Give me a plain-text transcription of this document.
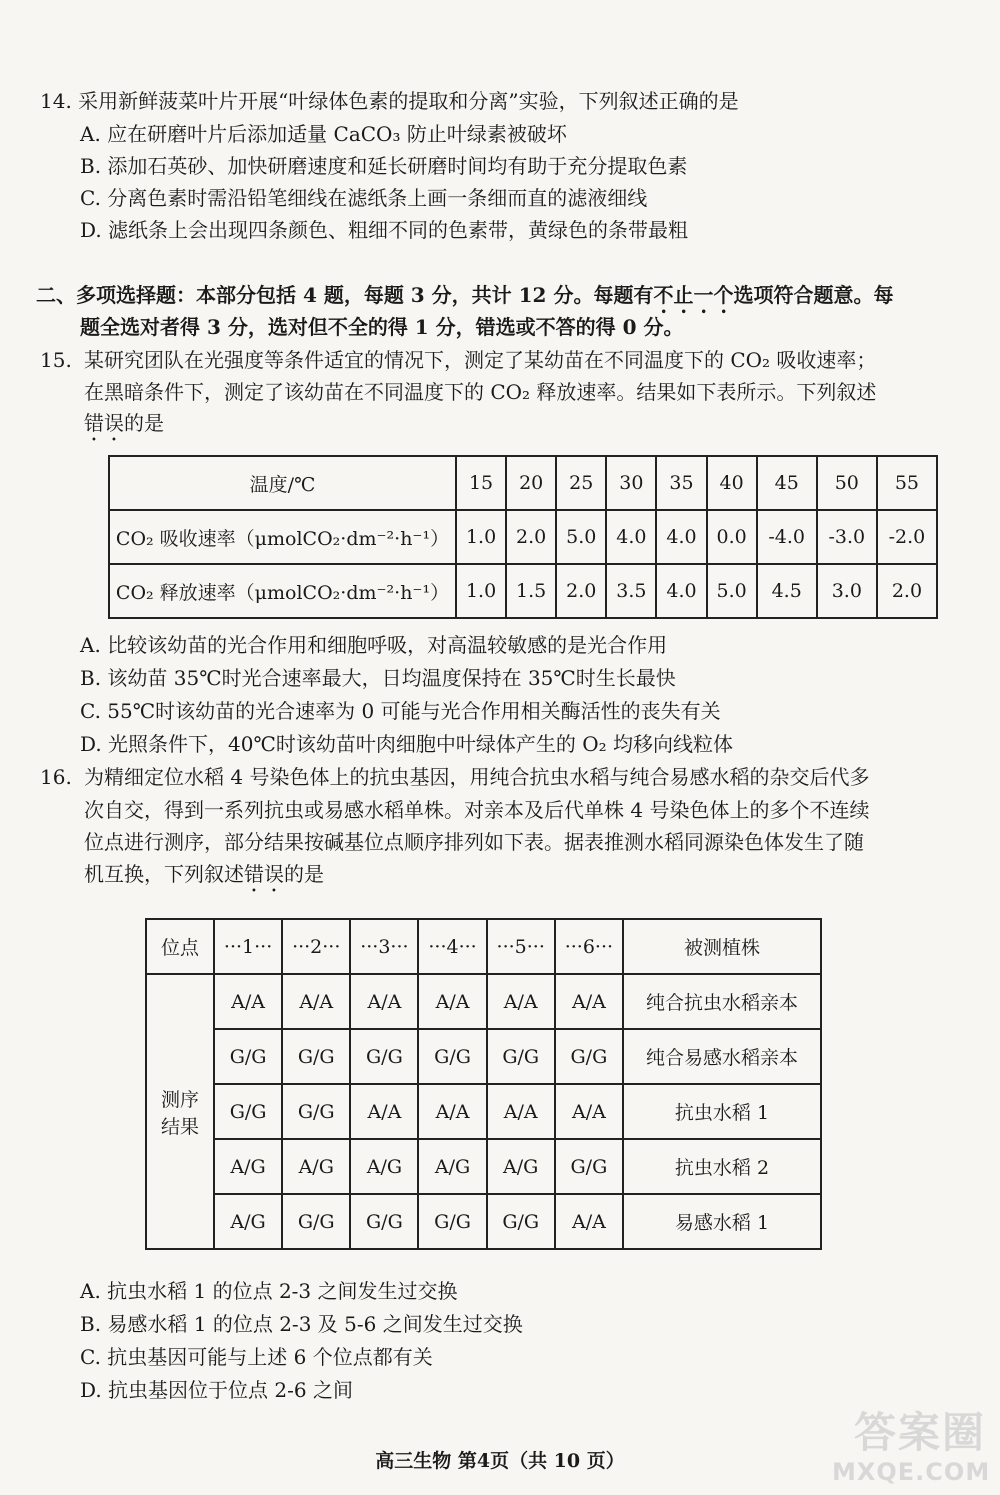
14. 采用新鲜菠菜叶片开展“叶绿体色素的提取和分离”实验，下列叙述正确的是
A. 应在研磨叶片后添加适量 CaCO₃ 防止叶绿素被破坏
B. 添加石英砂、加快研磨速度和延长研磨时间均有助于充分提取色素
C. 分离色素时需沿铅笔细线在滤纸条上画一条细而直的滤液细线
D. 滤纸条上会出现四条颜色、粗细不同的色素带，黄绿色的条带最粗
二、多项选择题：本部分包括 4 题，每题 3 分，共计 12 分。每题有不止一个选项符合题意。每
题全选对者得 3 分，选对但不全的得 1 分，错选或不答的得 0 分。
15. 某研究团队在光强度等条件适宜的情况下，测定了某幼苗在不同温度下的 CO₂ 吸收速率；
在黑暗条件下，测定了该幼苗在不同温度下的 CO₂ 释放速率。结果如下表所示。下列叙述
错误的是
温度/℃	15	20	25	30	35	40	45	50	55
CO₂ 吸收速率（μmolCO₂·dm⁻²·h⁻¹）	1.0	2.0	5.0	4.0	4.0	0.0	-4.0	-3.0	-2.0
CO₂ 释放速率（μmolCO₂·dm⁻²·h⁻¹）	1.0	1.5	2.0	3.5	4.0	5.0	4.5	3.0	2.0
A. 比较该幼苗的光合作用和细胞呼吸，对高温较敏感的是光合作用
B. 该幼苗 35℃时光合速率最大，日均温度保持在 35℃时生长最快
C. 55℃时该幼苗的光合速率为 0 可能与光合作用相关酶活性的丧失有关
D. 光照条件下，40℃时该幼苗叶肉细胞中叶绿体产生的 O₂ 均移向线粒体
16. 为精细定位水稻 4 号染色体上的抗虫基因，用纯合抗虫水稻与纯合易感水稻的杂交后代多
次自交，得到一系列抗虫或易感水稻单株。对亲本及后代单株 4 号染色体上的多个不连续
位点进行测序，部分结果按碱基位点顺序排列如下表。据表推测水稻同源染色体发生了随
机互换，下列叙述错误的是
位点	···1···	···2···	···3···	···4···	···5···	···6···	被测植株
测序
结果	A/A	A/A	A/A	A/A	A/A	A/A	纯合抗虫水稻亲本
	G/G	G/G	G/G	G/G	G/G	G/G	纯合易感水稻亲本
	G/G	G/G	A/A	A/A	A/A	A/A	抗虫水稻 1
	A/G	A/G	A/G	A/G	A/G	G/G	抗虫水稻 2
	A/G	G/G	G/G	G/G	G/G	A/A	易感水稻 1
A. 抗虫水稻 1 的位点 2-3 之间发生过交换
B. 易感水稻 1 的位点 2-3 及 5-6 之间发生过交换
C. 抗虫基因可能与上述 6 个位点都有关
D. 抗虫基因位于位点 2-6 之间
高三生物 第4页（共 10 页）
答案圈
MXQE.COM
